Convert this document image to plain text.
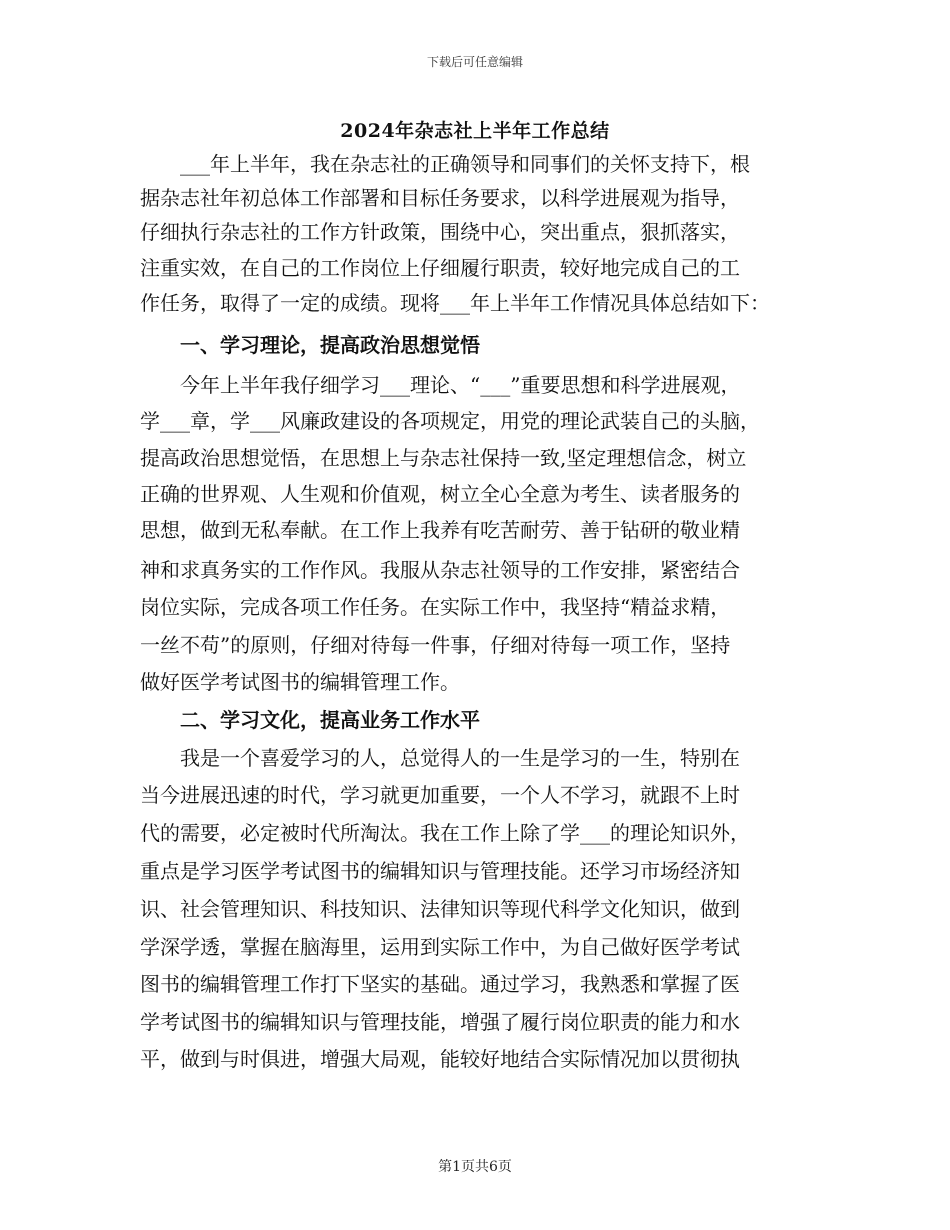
下载后可任意编辑
2024年杂志社上半年工作总结
　　___年上半年，我在杂志社的正确领导和同事们的关怀支持下，根
据杂志社年初总体工作部署和目标任务要求，以科学进展观为指导，
仔细执行杂志社的工作方针政策，围绕中心，突出重点，狠抓落实，
注重实效，在自己的工作岗位上仔细履行职责，较好地完成自己的工
作任务，取得了一定的成绩。现将___年上半年工作情况具体总结如下：
　　一、学习理论，提高政治思想觉悟
　　今年上半年我仔细学习___理论、“___”重要思想和科学进展观，
学___章，学___风廉政建设的各项规定，用党的理论武装自己的头脑，
提高政治思想觉悟，在思想上与杂志社保持一致,坚定理想信念，树立
正确的世界观、人生观和价值观，树立全心全意为考生、读者服务的
思想，做到无私奉献。在工作上我养有吃苦耐劳、善于钻研的敬业精
神和求真务实的工作作风。我服从杂志社领导的工作安排，紧密结合
岗位实际，完成各项工作任务。在实际工作中，我坚持“精益求精，
一丝不苟”的原则，仔细对待每一件事，仔细对待每一项工作，坚持
做好医学考试图书的编辑管理工作。
　　二、学习文化，提高业务工作水平
　　我是一个喜爱学习的人，总觉得人的一生是学习的一生，特别在
当今进展迅速的时代，学习就更加重要，一个人不学习，就跟不上时
代的需要，必定被时代所淘汰。我在工作上除了学___的理论知识外，
重点是学习医学考试图书的编辑知识与管理技能。还学习市场经济知
识、社会管理知识、科技知识、法律知识等现代科学文化知识，做到
学深学透，掌握在脑海里，运用到实际工作中，为自己做好医学考试
图书的编辑管理工作打下坚实的基础。通过学习，我熟悉和掌握了医
学考试图书的编辑知识与管理技能，增强了履行岗位职责的能力和水
平，做到与时俱进，增强大局观，能较好地结合实际情况加以贯彻执
第1页共6页
